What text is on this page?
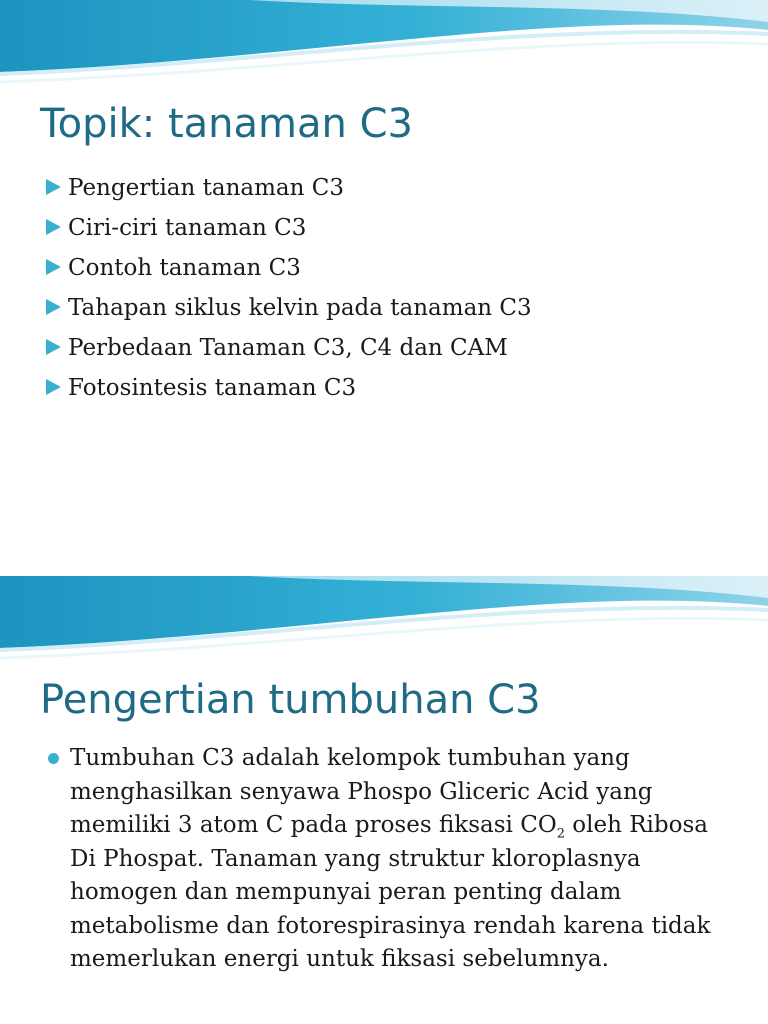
Topik: tanaman C3
Pengertian tanaman C3
Ciri-ciri tanaman C3
Contoh tanaman C3
Tahapan siklus kelvin pada tanaman C3
Perbedaan Tanaman C3, C4 dan CAM
Fotosintesis tanaman C3
Pengertian tumbuhan C3
Tumbuhan C3 adalah kelompok tumbuhan yang
menghasilkan senyawa Phospo Gliceric Acid yang
memiliki 3 atom C pada proses fiksasi $CO_2$ oleh Ribosa
Di Phospat. Tanaman yang struktur kloroplasnya
homogen dan mempunyai peran penting dalam
metabolisme dan fotorespirasinya rendah karena tidak
memerlukan energi untuk fiksasi sebelumnya.
